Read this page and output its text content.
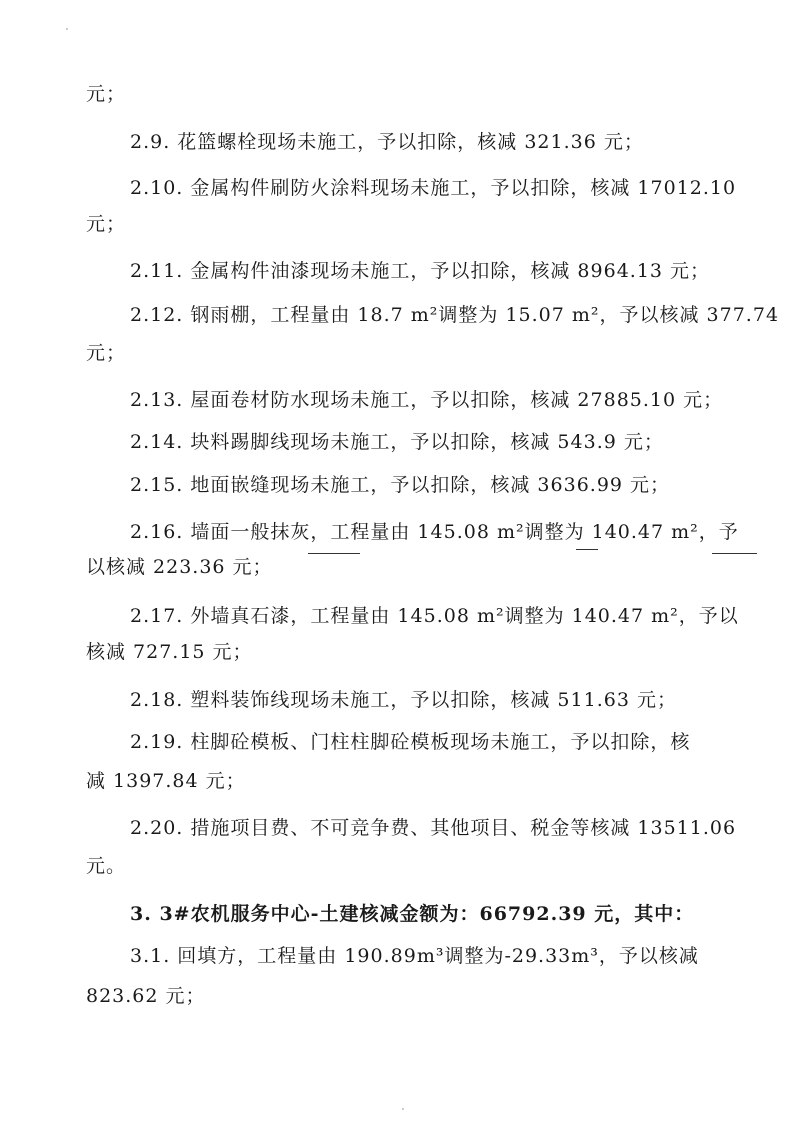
元；
2.9. 花篮螺栓现场未施工，予以扣除，核减 321.36 元；
2.10. 金属构件刷防火涂料现场未施工，予以扣除，核减 17012.10
元；
2.11. 金属构件油漆现场未施工，予以扣除，核减 8964.13 元；
2.12. 钢雨棚，工程量由 18.7 m²调整为 15.07 m²，予以核减 377.74
元；
2.13. 屋面卷材防水现场未施工，予以扣除，核减 27885.10 元；
2.14. 块料踢脚线现场未施工，予以扣除，核减 543.9 元；
2.15. 地面嵌缝现场未施工，予以扣除，核减 3636.99 元；
2.16. 墙面一般抹灰，工程量由 145.08 m²调整为 140.47 m²，予
以核减 223.36 元；
2.17. 外墙真石漆，工程量由 145.08 m²调整为 140.47 m²，予以
核减 727.15 元；
2.18. 塑料装饰线现场未施工，予以扣除，核减 511.63 元；
2.19. 柱脚砼模板、门柱柱脚砼模板现场未施工，予以扣除，核
减 1397.84 元；
2.20. 措施项目费、不可竞争费、其他项目、税金等核减 13511.06
元。
3. 3#农机服务中心-土建核减金额为：66792.39 元，其中：
3.1. 回填方，工程量由 190.89m³调整为-29.33m³，予以核减
823.62 元；
